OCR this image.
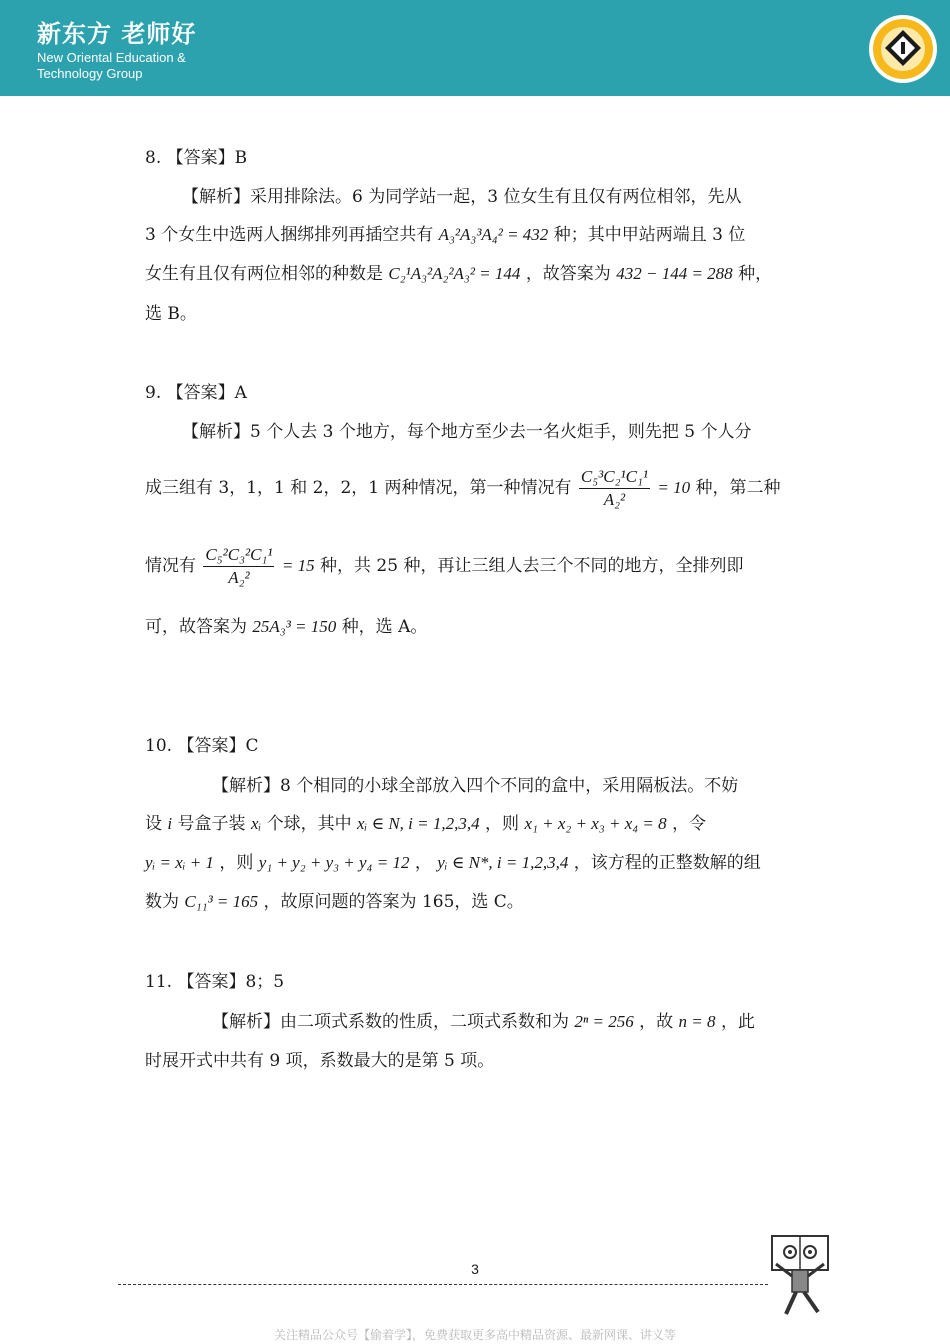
新东方 老师好
New Oriental Education &
Technology Group
8. 【答案】B
【解析】采用排除法。6 为同学站一起，3 位女生有且仅有两位相邻，先从
3 个女生中选两人捆绑排列再插空共有 A₃²A₃³A₄² = 432 种；其中甲站两端且 3 位
女生有且仅有两位相邻的种数是 C₂¹A₃²A₂²A₃² = 144 ，故答案为 432 − 144 = 288 种，
选 B。
9. 【答案】A
【解析】5 个人去 3 个地方，每个地方至少去一名火炬手，则先把 5 个人分
成三组有 3，1，1 和 2，2，1 两种情况，第一种情况有 $\frac{\text{C₅³C₂¹C₁¹}}{\text{A₂²}} = 10$ 种，第二种
情况有 $\frac{\text{C₅²C₃²C₁¹}}{\text{A₂²}} = 15$ 种，共 25 种，再让三组人去三个不同的地方，全排列即
可，故答案为 25A₃³ = 150 种，选 A。
10. 【答案】C
【解析】8 个相同的小球全部放入四个不同的盒中，采用隔板法。不妨
设 i 号盒子装 xᵢ 个球，其中 xᵢ ∈ N, i = 1,2,3,4 ，则 x₁ + x₂ + x₃ + x₄ = 8 ，令
yᵢ = xᵢ + 1 ，则 y₁ + y₂ + y₃ + y₄ = 12 ， yᵢ ∈ N*, i = 1,2,3,4 ，该方程的正整数解的组
数为 C₁₁³ = 165 ，故原问题的答案为 165，选 C。
11. 【答案】8；5
【解析】由二项式系数的性质，二项式系数和为 2ⁿ = 256 ，故 n = 8 ，此
时展开式中共有 9 项，系数最大的是第 5 项。
3
关注精品公众号【偷着学】，免费获取更多高中精品资源、最新网课、讲义等
